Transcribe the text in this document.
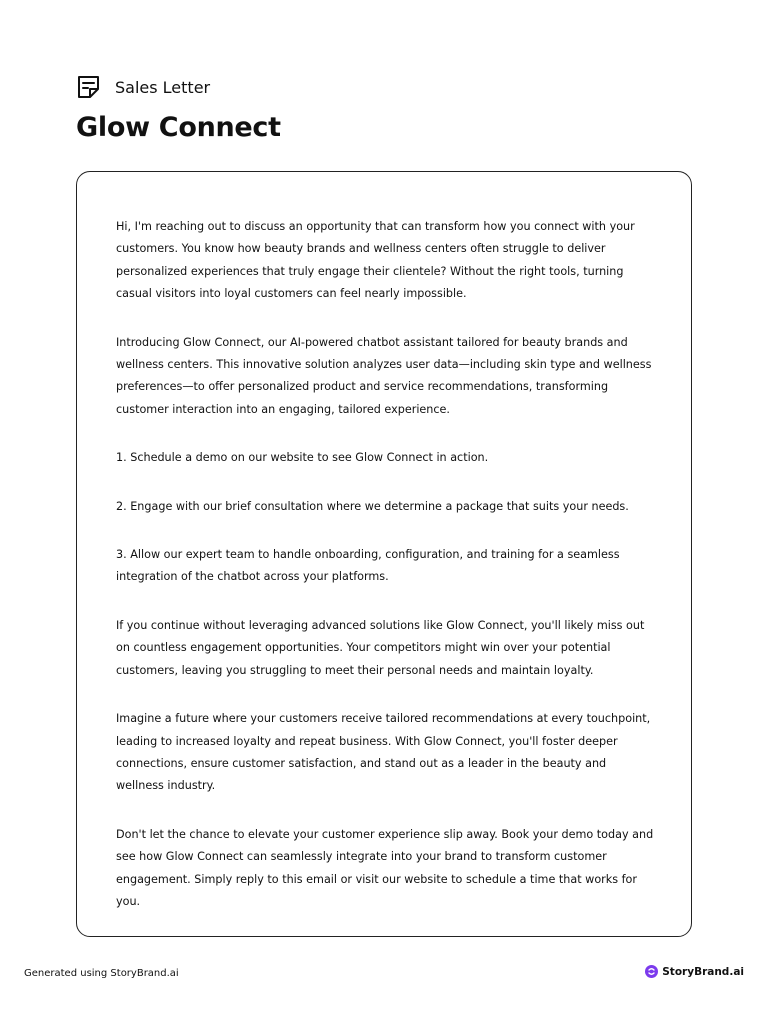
Sales Letter
Glow Connect

Hi, I'm reaching out to discuss an opportunity that can transform how you connect with your customers. You know how beauty brands and wellness centers often struggle to deliver personalized experiences that truly engage their clientele? Without the right tools, turning casual visitors into loyal customers can feel nearly impossible.

Introducing Glow Connect, our AI-powered chatbot assistant tailored for beauty brands and wellness centers. This innovative solution analyzes user data—including skin type and wellness preferences—to offer personalized product and service recommendations, transforming customer interaction into an engaging, tailored experience.

1. Schedule a demo on our website to see Glow Connect in action.

2. Engage with our brief consultation where we determine a package that suits your needs.

3. Allow our expert team to handle onboarding, configuration, and training for a seamless integration of the chatbot across your platforms.

If you continue without leveraging advanced solutions like Glow Connect, you'll likely miss out on countless engagement opportunities. Your competitors might win over your potential customers, leaving you struggling to meet their personal needs and maintain loyalty.

Imagine a future where your customers receive tailored recommendations at every touchpoint, leading to increased loyalty and repeat business. With Glow Connect, you'll foster deeper connections, ensure customer satisfaction, and stand out as a leader in the beauty and wellness industry.

Don't let the chance to elevate your customer experience slip away. Book your demo today and see how Glow Connect can seamlessly integrate into your brand to transform customer engagement. Simply reply to this email or visit our website to schedule a time that works for you.

Generated using StoryBrand.ai	StoryBrand.ai
